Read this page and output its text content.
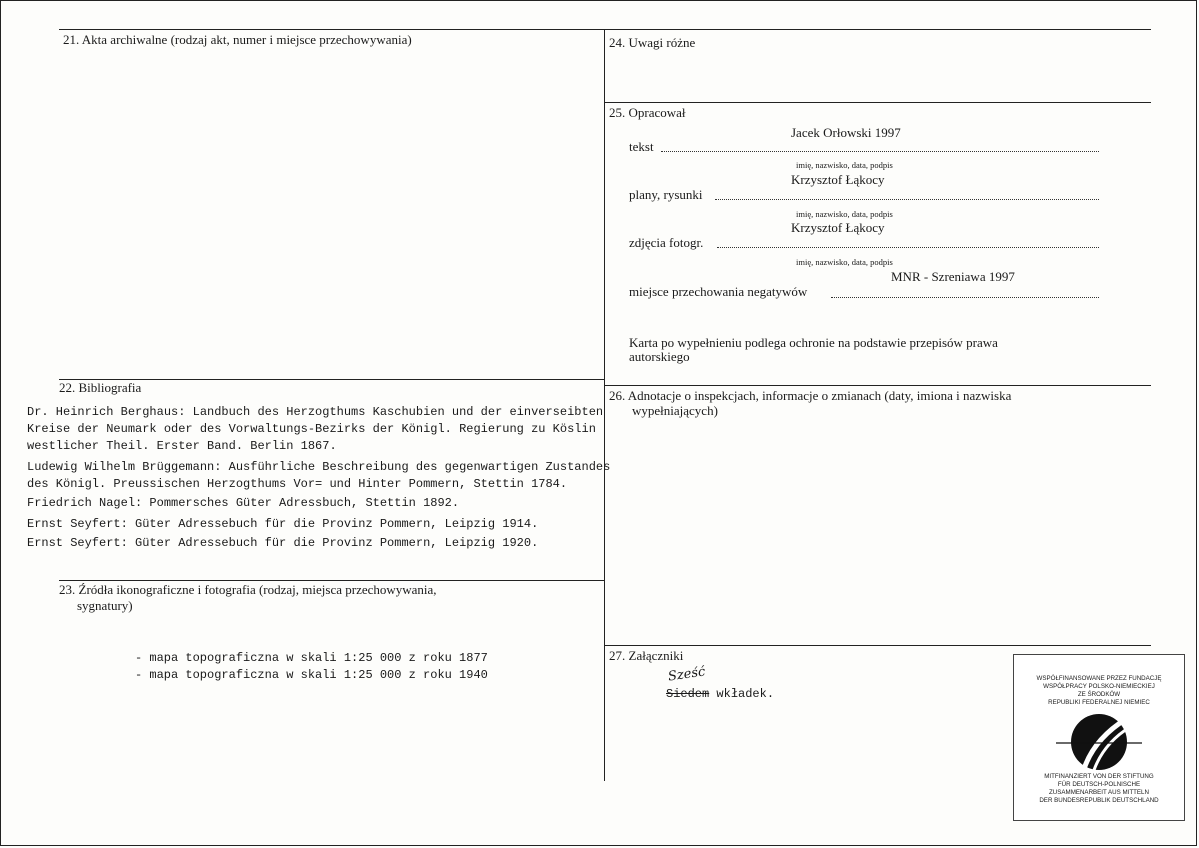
21. Akta archiwalne (rodzaj akt, numer i miejsce przechowywania)
22. Bibliografia
Dr. Heinrich Berghaus: Landbuch des Herzogthums Kaschubien und der einverseibten
Kreise der Neumark oder des Vorwaltungs-Bezirks der Königl. Regierung zu Köslin
westlicher Theil. Erster Band. Berlin 1867.
Ludewig Wilhelm Brüggemann: Ausführliche Beschreibung des gegenwartigen Zustandes
des Königl. Preussischen Herzogthums Vor= und Hinter Pommern, Stettin 1784.
Friedrich Nagel: Pommersches Güter Adressbuch, Stettin 1892.
Ernst Seyfert: Güter Adressebuch für die Provinz Pommern, Leipzig 1914.
Ernst Seyfert: Güter Adressebuch für die Provinz Pommern, Leipzig 1920.
23. Źródła ikonograficzne i fotografia (rodzaj, miejsca przechowywania,
sygnatury)
- mapa topograficzna w skali 1:25 000 z roku 1877
- mapa topograficzna w skali 1:25 000 z roku 1940
24. Uwagi różne
25. Opracował
Jacek Orłowski 1997
tekst
imię, nazwisko, data, podpis
Krzysztof Łąkocy
plany, rysunki
imię, nazwisko, data, podpis
Krzysztof Łąkocy
zdjęcia fotogr.
imię, nazwisko, data, podpis
MNR - Szreniawa 1997
miejsce przechowania negatywów
Karta po wypełnieniu podlega ochronie na podstawie przepisów prawa
autorskiego
26. Adnotacje o inspekcjach, informacje o zmianach (daty, imiona i nazwiska
wypełniających)
27. Załączniki
Sześć
Siedem wkładek.
WSPÓŁFINANSOWANE PRZEZ FUNDACJĘ
WSPÓŁPRACY POLSKO-NIEMIECKIEJ
ZE ŚRODKÓW
REPUBLIKI FEDERALNEJ NIEMIEC
MITFINANZIERT VON DER STIFTUNG
FÜR DEUTSCH-POLNISCHE
ZUSAMMENARBEIT AUS MITTELN
DER BUNDESREPUBLIK DEUTSCHLAND
